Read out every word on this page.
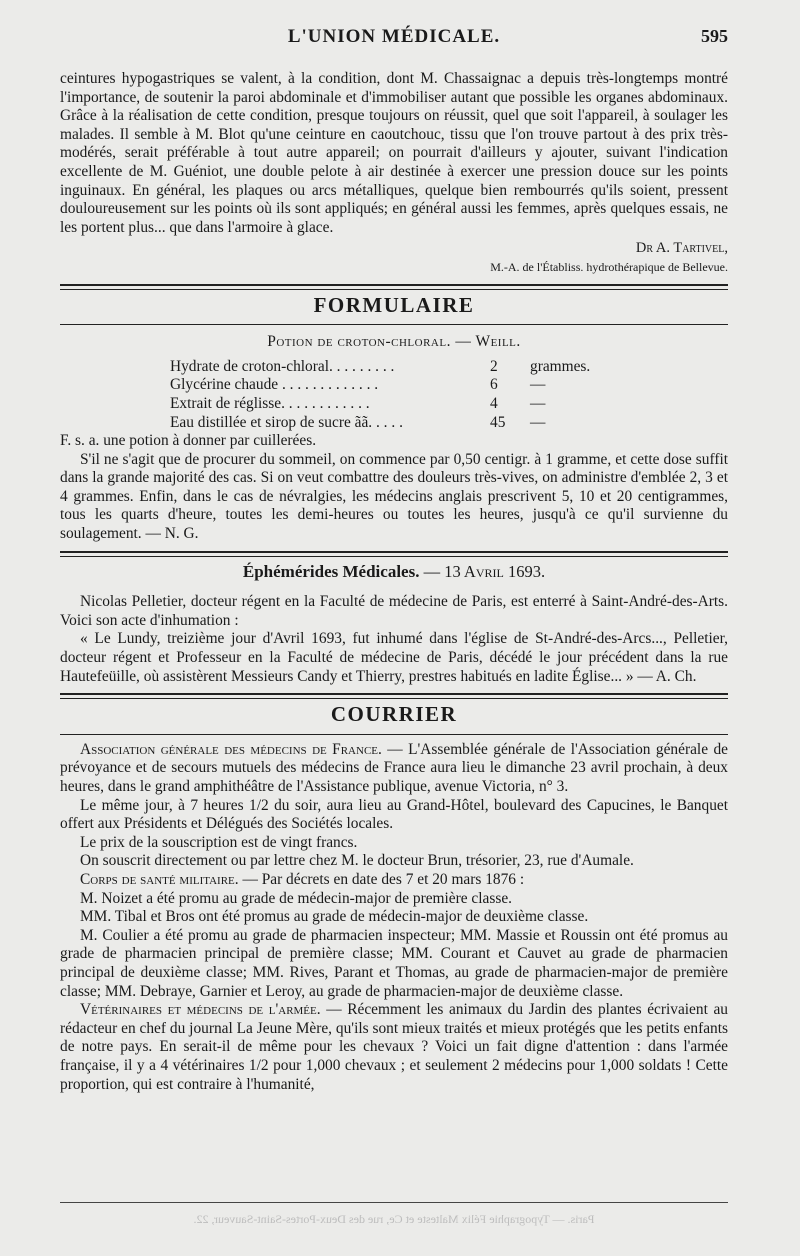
L'UNION MÉDICALE.	595

ceintures hypogastriques se valent, à la condition, dont M. Chassaignac a depuis très-longtemps montré l'importance, de soutenir la paroi abdominale et d'immobiliser autant que possible les organes abdominaux. Grâce à la réalisation de cette condition, presque toujours on réussit, quel que soit l'appareil, à soulager les malades. Il semble à M. Blot qu'une ceinture en caoutchouc, tissu que l'on trouve partout à des prix très-modérés, serait préférable à tout autre appareil; on pourrait d'ailleurs y ajouter, suivant l'indication excellente de M. Guéniot, une double pelote à air destinée à exercer une pression douce sur les points inguinaux. En général, les plaques ou arcs métalliques, quelque bien rembourrés qu'ils soient, pressent douloureusement sur les points où ils sont appliqués; en général aussi les femmes, après quelques essais, ne les portent plus... que dans l'armoire à glace.

Dr A. Tartivel,
M.-A. de l'Établiss. hydrothérapique de Bellevue.
FORMULAIRE
Potion de croton-chloral. — Weill.
Hydrate de croton-chloral. . . . . . . . .	2	grammes.
Glycérine chaude . . . . . . . . . . . . .	6	—
Extrait de réglisse. . . . . . . . . . . .	4	—
Eau distillée et sirop de sucre ãã. . . . .	45	—

F. s. a. une potion à donner par cuillerées.

S'il ne s'agit que de procurer du sommeil, on commence par 0,50 centigr. à 1 gramme, et cette dose suffit dans la grande majorité des cas. Si on veut combattre des douleurs très-vives, on administre d'emblée 2, 3 et 4 grammes. Enfin, dans le cas de névralgies, les médecins anglais prescrivent 5, 10 et 20 centigrammes, tous les quarts d'heure, toutes les demi-heures ou toutes les heures, jusqu'à ce qu'il survienne du soulagement. — N. G.

Éphémérides Médicales. — 13 Avril 1693.

Nicolas Pelletier, docteur régent en la Faculté de médecine de Paris, est enterré à Saint-André-des-Arts. Voici son acte d'inhumation :

« Le Lundy, treizième jour d'Avril 1693, fut inhumé dans l'église de St-André-des-Arcs..., Pelletier, docteur régent et Professeur en la Faculté de médecine de Paris, décédé le jour précédent dans la rue Hautefeüille, où assistèrent Messieurs Candy et Thierry, prestres habitués en ladite Église... » — A. Ch.

COURRIER

Association générale des médecins de France. — L'Assemblée générale de l'Association générale de prévoyance et de secours mutuels des médecins de France aura lieu le dimanche 23 avril prochain, à deux heures, dans le grand amphithéâtre de l'Assistance publique, avenue Victoria, n° 3.

Le même jour, à 7 heures 1/2 du soir, aura lieu au Grand-Hôtel, boulevard des Capucines, le Banquet offert aux Présidents et Délégués des Sociétés locales.

Le prix de la souscription est de vingt francs.

On souscrit directement ou par lettre chez M. le docteur Brun, trésorier, 23, rue d'Aumale.

Corps de santé militaire. — Par décrets en date des 7 et 20 mars 1876 :

M. Noizet a été promu au grade de médecin-major de première classe.

MM. Tibal et Bros ont été promus au grade de médecin-major de deuxième classe.

M. Coulier a été promu au grade de pharmacien inspecteur; MM. Massie et Roussin ont été promus au grade de pharmacien principal de première classe; MM. Courant et Cauvet au grade de pharmacien principal de deuxième classe; MM. Rives, Parant et Thomas, au grade de pharmacien-major de première classe; MM. Debraye, Garnier et Leroy, au grade de pharmacien-major de deuxième classe.

Vétérinaires et médecins de l'armée. — Récemment les animaux du Jardin des plantes écrivaient au rédacteur en chef du journal La Jeune Mère, qu'ils sont mieux traités et mieux protégés que les petits enfants de notre pays. En serait-il de même pour les chevaux ? Voici un fait digne d'attention : dans l'armée française, il y a 4 vétérinaires 1/2 pour 1,000 chevaux ; et seulement 2 médecins pour 1,000 soldats ! Cette proportion, qui est contraire à l'humanité,

Paris. — Typographie Félix Malteste et Ce, rue des Deux-Portes-Saint-Sauveur, 22.
